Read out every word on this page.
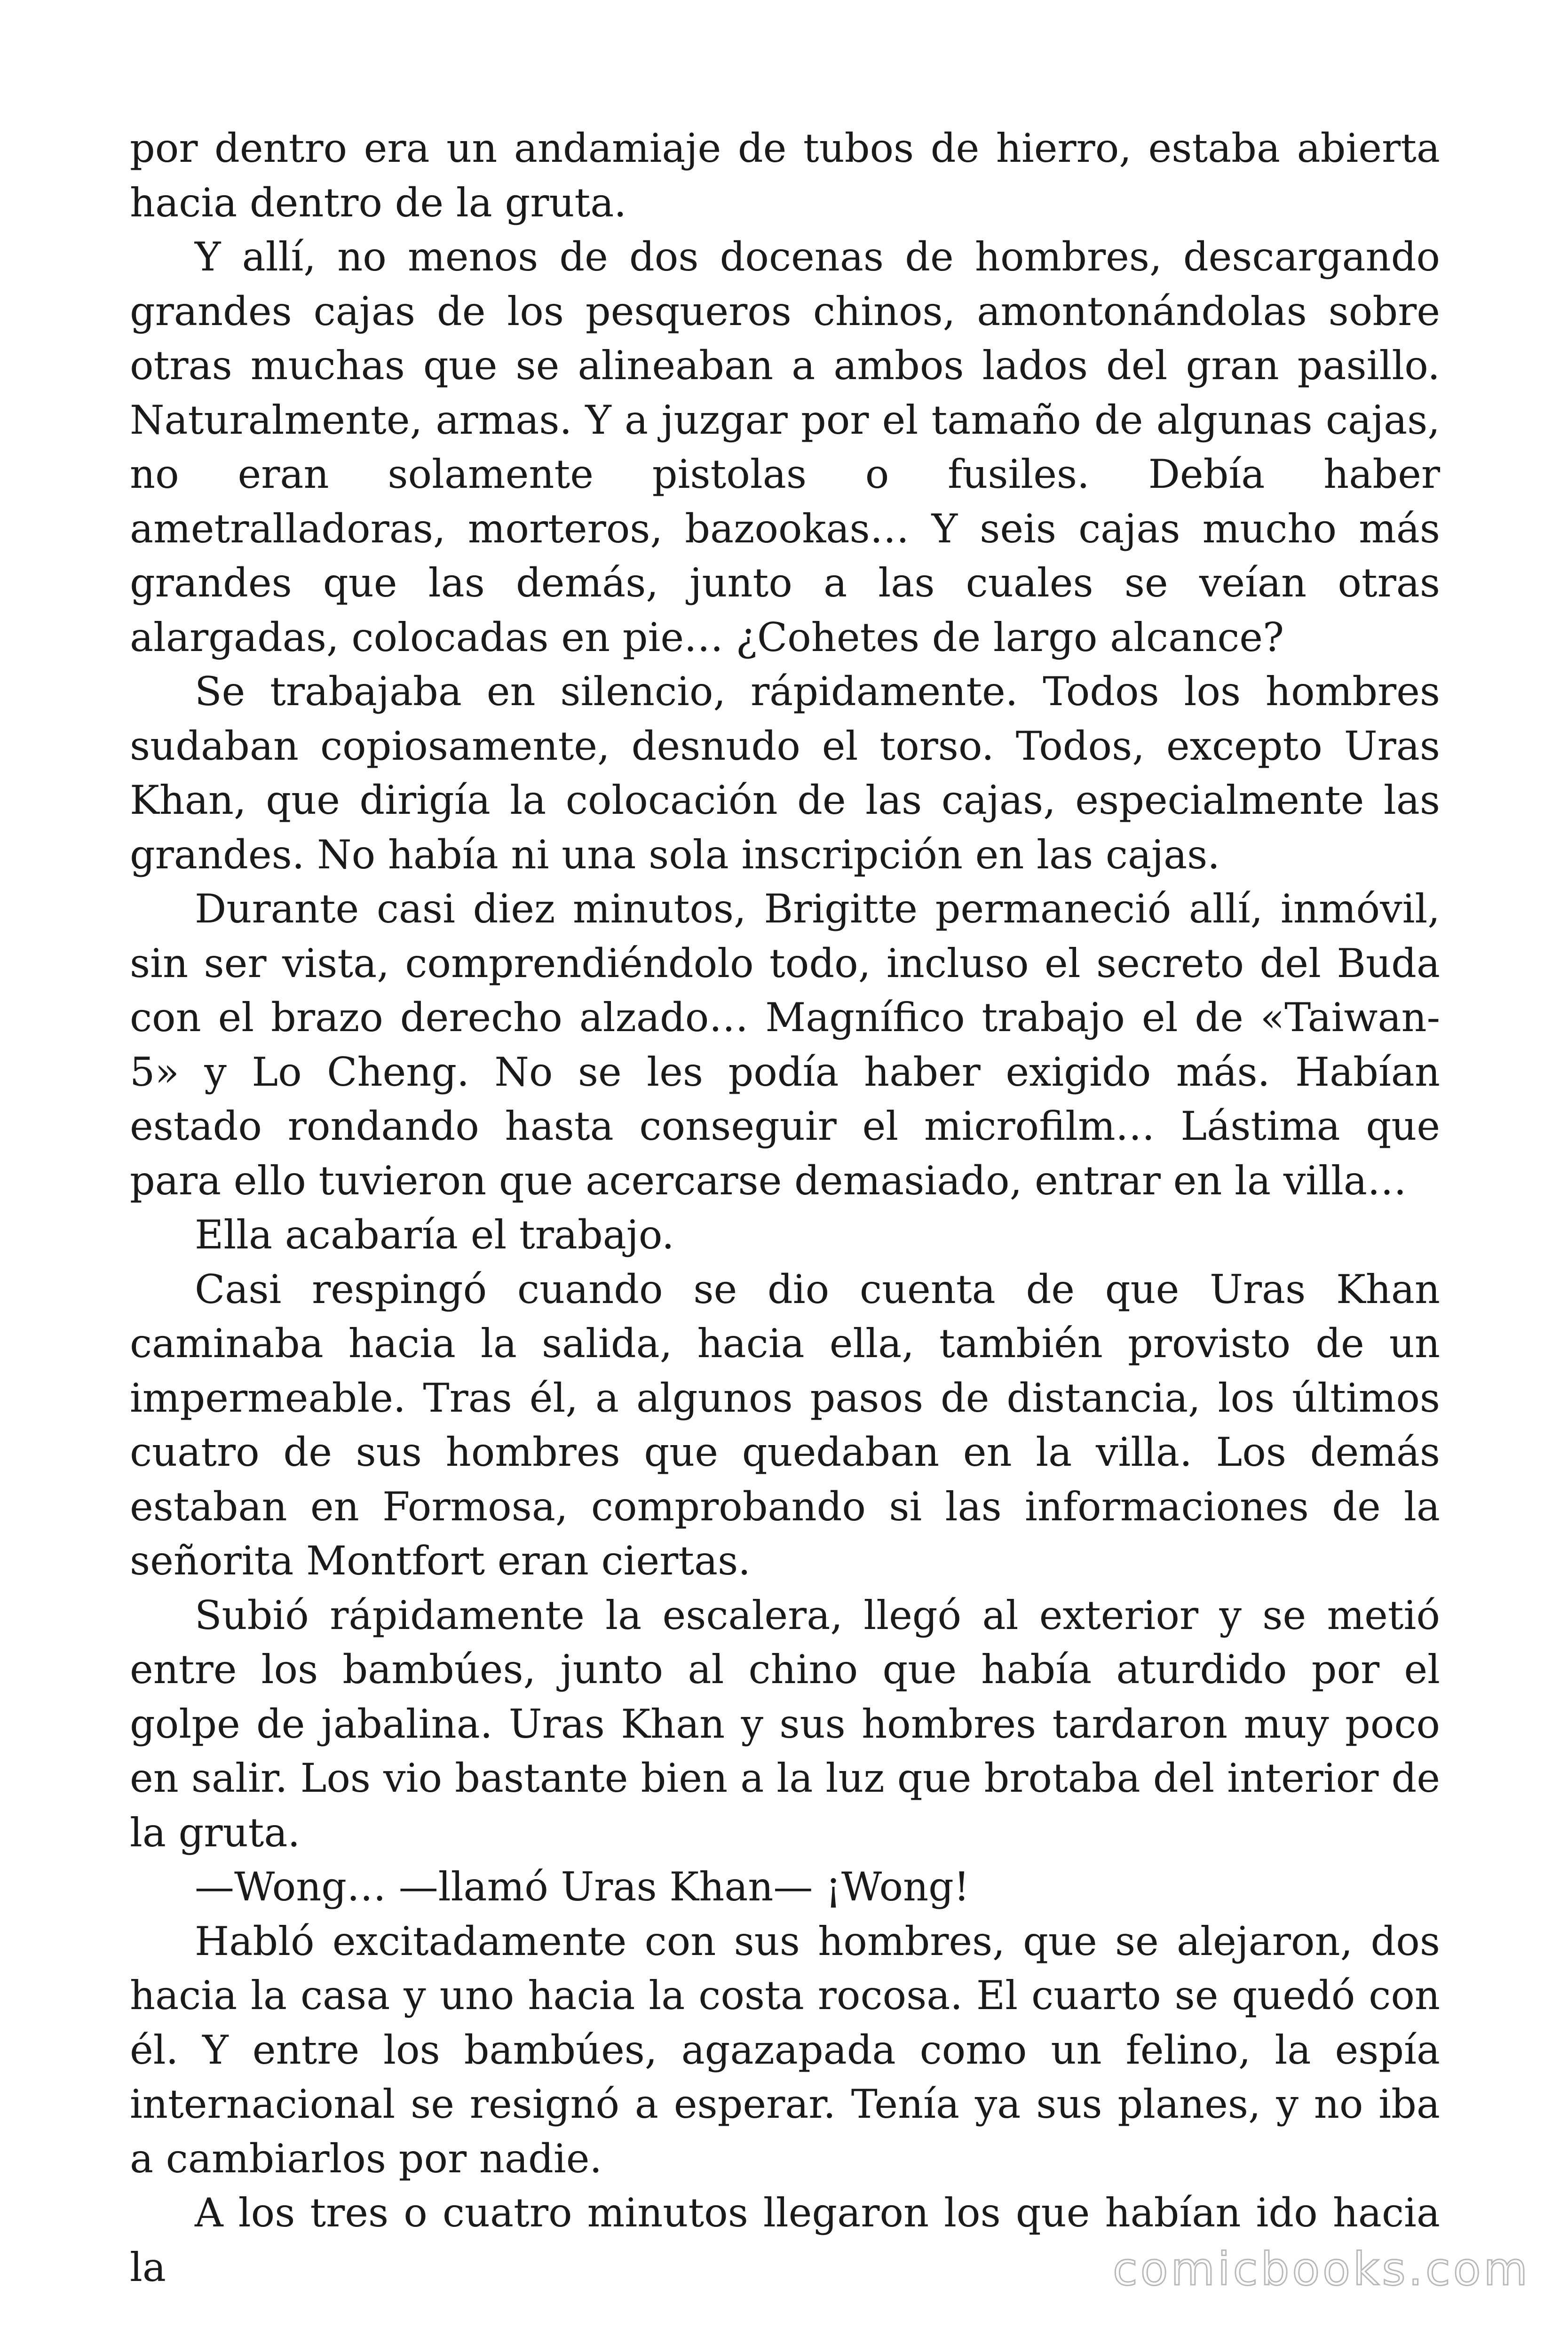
por dentro era un andamiaje de tubos de hierro, estaba abierta hacia dentro de la gruta.

Y allí, no menos de dos docenas de hombres, descargando grandes cajas de los pesqueros chinos, amontonándolas sobre otras muchas que se alineaban a ambos lados del gran pasillo. Naturalmente, armas. Y a juzgar por el tamaño de algunas cajas, no eran solamente pistolas o fusiles. Debía haber ametralladoras, morteros, bazookas… Y seis cajas mucho más grandes que las demás, junto a las cuales se veían otras alargadas, colocadas en pie… ¿Cohetes de largo alcance?

Se trabajaba en silencio, rápidamente. Todos los hombres sudaban copiosamente, desnudo el torso. Todos, excepto Uras Khan, que dirigía la colocación de las cajas, especialmente las grandes. No había ni una sola inscripción en las cajas.

Durante casi diez minutos, Brigitte permaneció allí, inmóvil, sin ser vista, comprendiéndolo todo, incluso el secreto del Buda con el brazo derecho alzado… Magnífico trabajo el de «Taiwan-5» y Lo Cheng. No se les podía haber exigido más. Habían estado rondando hasta conseguir el microfilm… Lástima que para ello tuvieron que acercarse demasiado, entrar en la villa…

Ella acabaría el trabajo.

Casi respingó cuando se dio cuenta de que Uras Khan caminaba hacia la salida, hacia ella, también provisto de un impermeable. Tras él, a algunos pasos de distancia, los últimos cuatro de sus hombres que quedaban en la villa. Los demás estaban en Formosa, comprobando si las informaciones de la señorita Montfort eran ciertas.

Subió rápidamente la escalera, llegó al exterior y se metió entre los bambúes, junto al chino que había aturdido por el golpe de jabalina. Uras Khan y sus hombres tardaron muy poco en salir. Los vio bastante bien a la luz que brotaba del interior de la gruta.

—Wong… —llamó Uras Khan— ¡Wong!

Habló excitadamente con sus hombres, que se alejaron, dos hacia la casa y uno hacia la costa rocosa. El cuarto se quedó con él. Y entre los bambúes, agazapada como un felino, la espía internacional se resignó a esperar. Tenía ya sus planes, y no iba a cambiarlos por nadie.

A los tres o cuatro minutos llegaron los que habían ido hacia la	comicbooks.com
